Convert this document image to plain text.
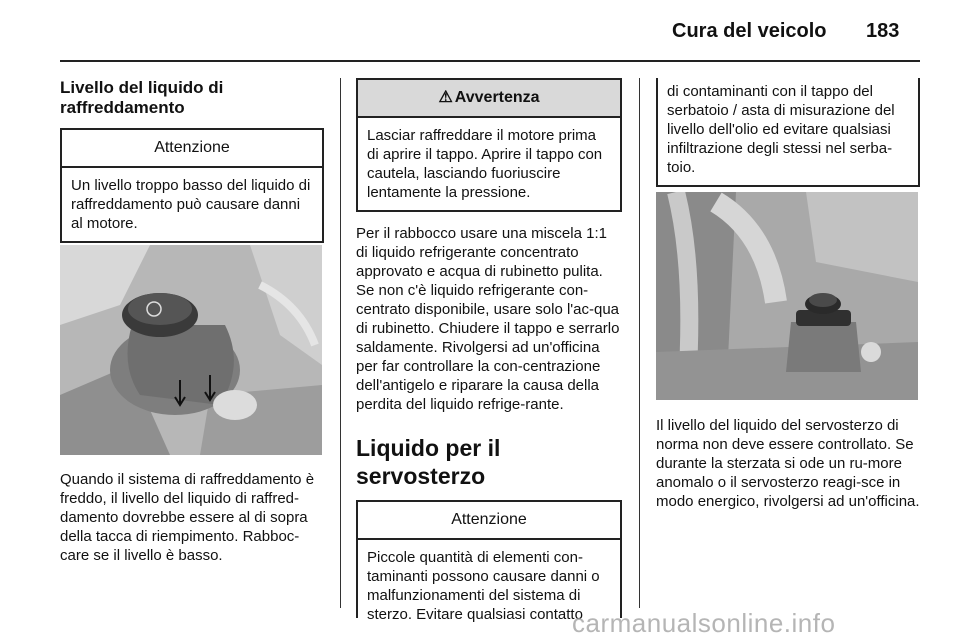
Cura del veicolo 183
Livello del liquido di raffreddamento
Attenzione
Un livello troppo basso del liquido di raffreddamento può causare danni al motore.

Quando il sistema di raffreddamento è freddo, il livello del liquido di raffred-damento dovrebbe essere al di sopra della tacca di riempimento. Rabboc-care se il livello è basso.

⚠ Avvertenza
Lasciar raffreddare il motore prima di aprire il tappo. Aprire il tappo con cautela, lasciando fuoriuscire lentamente la pressione.

Per il rabbocco usare una miscela 1:1 di liquido refrigerante concentrato approvato e acqua di rubinetto pulita. Se non c'è liquido refrigerante con-centrato disponibile, usare solo l'ac-qua di rubinetto. Chiudere il tappo e serrarlo saldamente. Rivolgersi ad un'officina per far controllare la con-centrazione dell'antigelo e riparare la causa della perdita del liquido refrige-rante.

Liquido per il servosterzo
Attenzione
Piccole quantità di elementi con-taminanti possono causare danni o malfunzionamenti del sistema di sterzo. Evitare qualsiasi contatto
di contaminanti con il tappo del serbatoio / asta di misurazione del livello dell'olio ed evitare qualsiasi infiltrazione degli stessi nel serba-toio.

Il livello del liquido del servosterzo di norma non deve essere controllato. Se durante la sterzata si ode un ru-more anomalo o il servosterzo reagi-sce in modo energico, rivolgersi ad un'officina.

carmanualsonline.info
